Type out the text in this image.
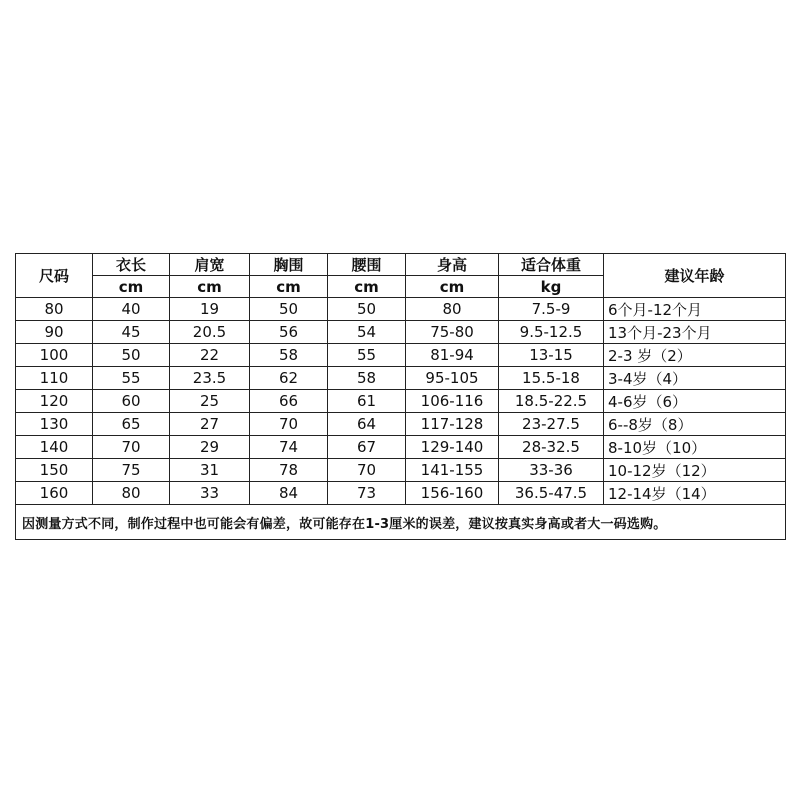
尺码	衣长	肩宽	胸围	腰围	身高	适合体重	建议年龄
	cm	cm	cm	cm	cm	kg	
80	40	19	50	50	80	7.5-9	6个月-12个月
90	45	20.5	56	54	75-80	9.5-12.5	13个月-23个月
100	50	22	58	55	81-94	13-15	2-3 岁（2）
110	55	23.5	62	58	95-105	15.5-18	3-4岁（4）
120	60	25	66	61	106-116	18.5-22.5	4-6岁（6）
130	65	27	70	64	117-128	23-27.5	6--8岁（8）
140	70	29	74	67	129-140	28-32.5	8-10岁（10）
150	75	31	78	70	141-155	33-36	10-12岁（12）
160	80	33	84	73	156-160	36.5-47.5	12-14岁（14）
因测量方式不同，制作过程中也可能会有偏差，故可能存在1-3厘米的误差，建议按真实身高或者大一码选购。							
